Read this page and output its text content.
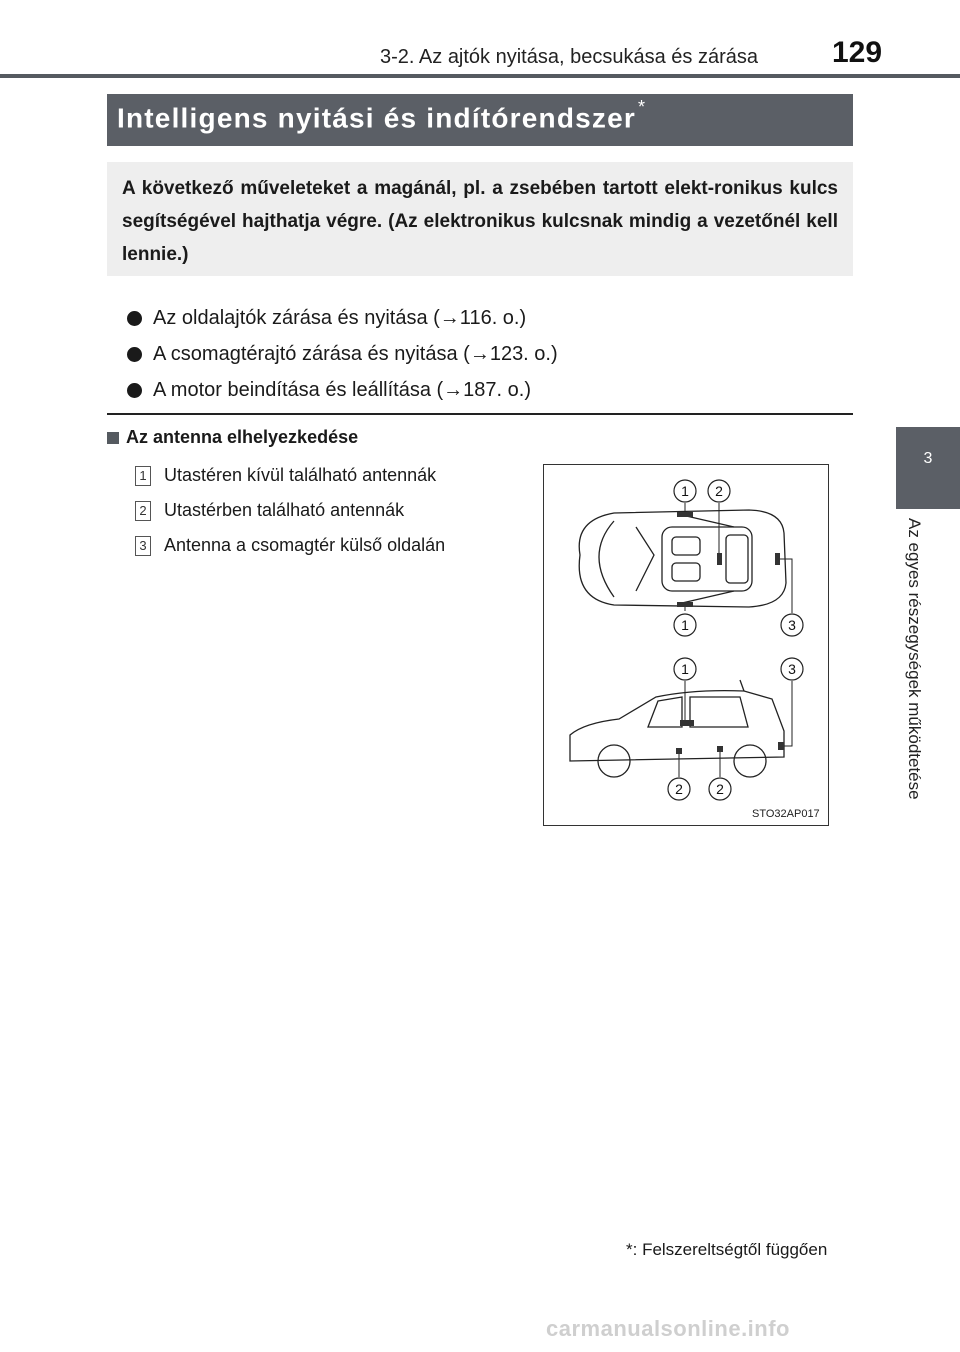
3-2. Az ajtók nyitása, becsukása és zárása 129
Intelligens nyitási és indítórendszer *
A következő műveleteket a magánál, pl. a zsebében tartott elekt-ronikus kulcs segítségével hajthatja végre. (Az elektronikus kulcsnak mindig a vezetőnél kell lennie.)
Az oldalajtók zárása és nyitása (→116. o.)
A csomagtérajtó zárása és nyitása (→123. o.)
A motor beindítása és leállítása (→187. o.)
Az antenna elhelyezkedése
1 Utastéren kívül található antennák
2 Utastérben található antennák
3 Antenna a csomagtér külső oldalán
1 2
1	3
1	3
2 2
STO32AP017
3
Az egyes részegységek működtetése
*: Felszereltségtől függően
carmanualsonline.info
